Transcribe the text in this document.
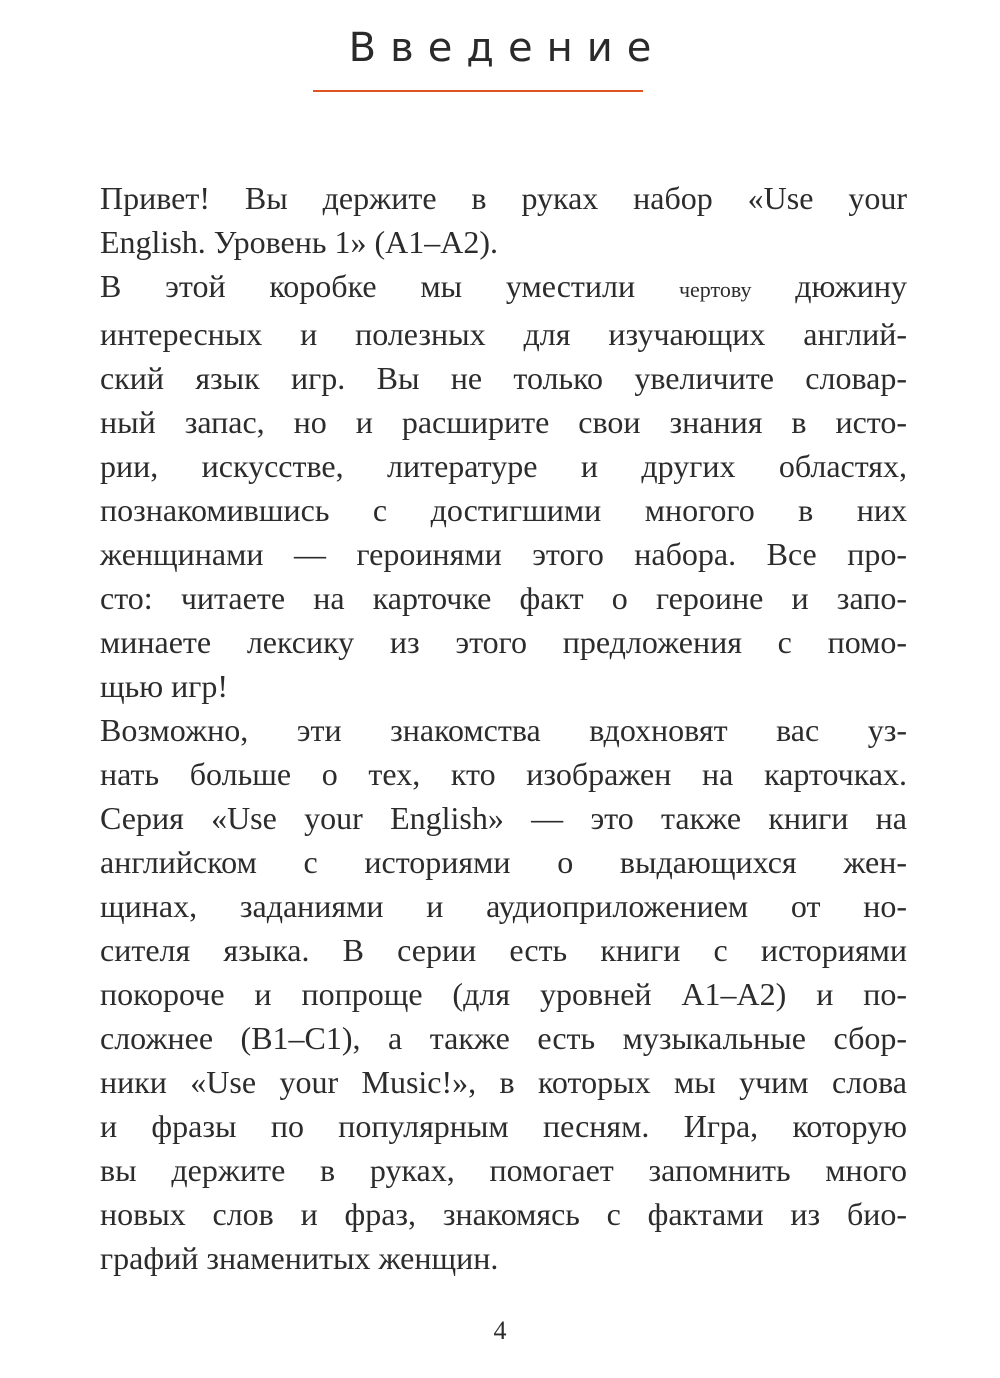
Введение

Привет! Вы держите в руках набор «Use your
English. Уровень 1» (A1–A2).

В этой коробке мы уместили чертову дюжину
интересных и полезных для изучающих англий-
ский язык игр. Вы не только увеличите словар-
ный запас, но и расширите свои знания в исто-
рии, искусстве, литературе и других областях,
познакомившись с достигшими многого в них
женщинами — героинями этого набора. Все про-
сто: читаете на карточке факт о героине и запо-
минаете лексику из этого предложения с помо-
щью игр!

Возможно, эти знакомства вдохновят вас уз-
нать больше о тех, кто изображен на карточках.
Серия «Use your English» — это также книги на
английском с историями о выдающихся жен-
щинах, заданиями и аудиоприложением от но-
сителя языка. В серии есть книги с историями
покороче и попроще (для уровней А1–А2) и по-
сложнее (B1–C1), а также есть музыкальные сбор-
ники «Use your Music!», в которых мы учим слова
и фразы по популярным песням. Игра, которую
вы держите в руках, помогает запомнить много
новых слов и фраз, знакомясь с фактами из био-
графий знаменитых женщин.

4
